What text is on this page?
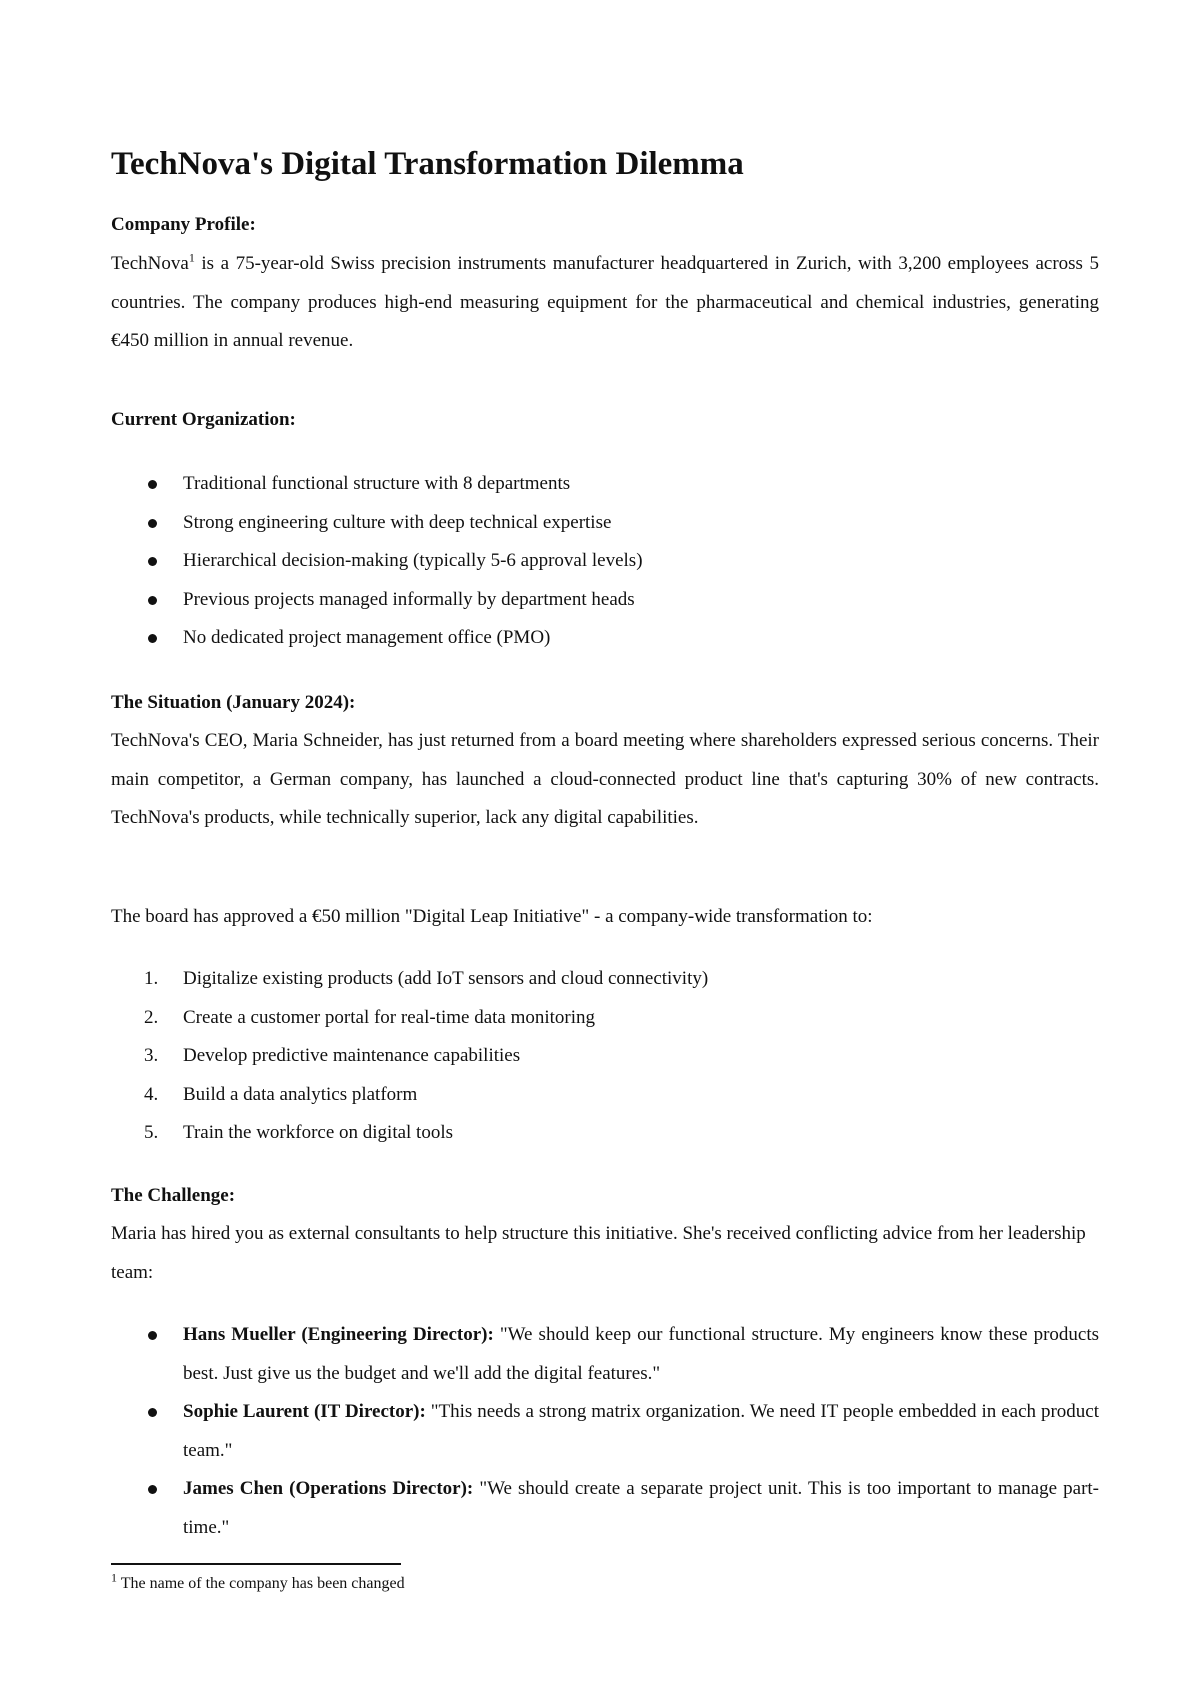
TechNova's Digital Transformation Dilemma
Company Profile:

TechNova$^1$ is a 75-year-old Swiss precision instruments manufacturer headquartered in Zurich, with 3,200 employees across 5 countries. The company produces high-end measuring equipment for the pharmaceutical and chemical industries, generating €450 million in annual revenue.

Current Organization:
Traditional functional structure with 8 departments
Strong engineering culture with deep technical expertise
Hierarchical decision-making (typically 5-6 approval levels)
Previous projects managed informally by department heads
No dedicated project management office (PMO)
The Situation (January 2024):

TechNova's CEO, Maria Schneider, has just returned from a board meeting where shareholders expressed serious concerns. Their main competitor, a German company, has launched a cloud-connected product line that's capturing 30% of new contracts. TechNova's products, while technically superior, lack any digital capabilities.

The board has approved a €50 million "Digital Leap Initiative" - a company-wide transformation to:

1. Digitalize existing products (add IoT sensors and cloud connectivity)
2. Create a customer portal for real-time data monitoring
3. Develop predictive maintenance capabilities
4. Build a data analytics platform
5. Train the workforce on digital tools
The Challenge:

Maria has hired you as external consultants to help structure this initiative. She's received conflicting advice from her leadership team:

Hans Mueller (Engineering Director): "We should keep our functional structure. My engineers know these products best. Just give us the budget and we'll add the digital features."
Sophie Laurent (IT Director): "This needs a strong matrix organization. We need IT people embedded in each product team."
James Chen (Operations Director): "We should create a separate project unit. This is too important to manage part-time."
$^1$ The name of the company has been changed
